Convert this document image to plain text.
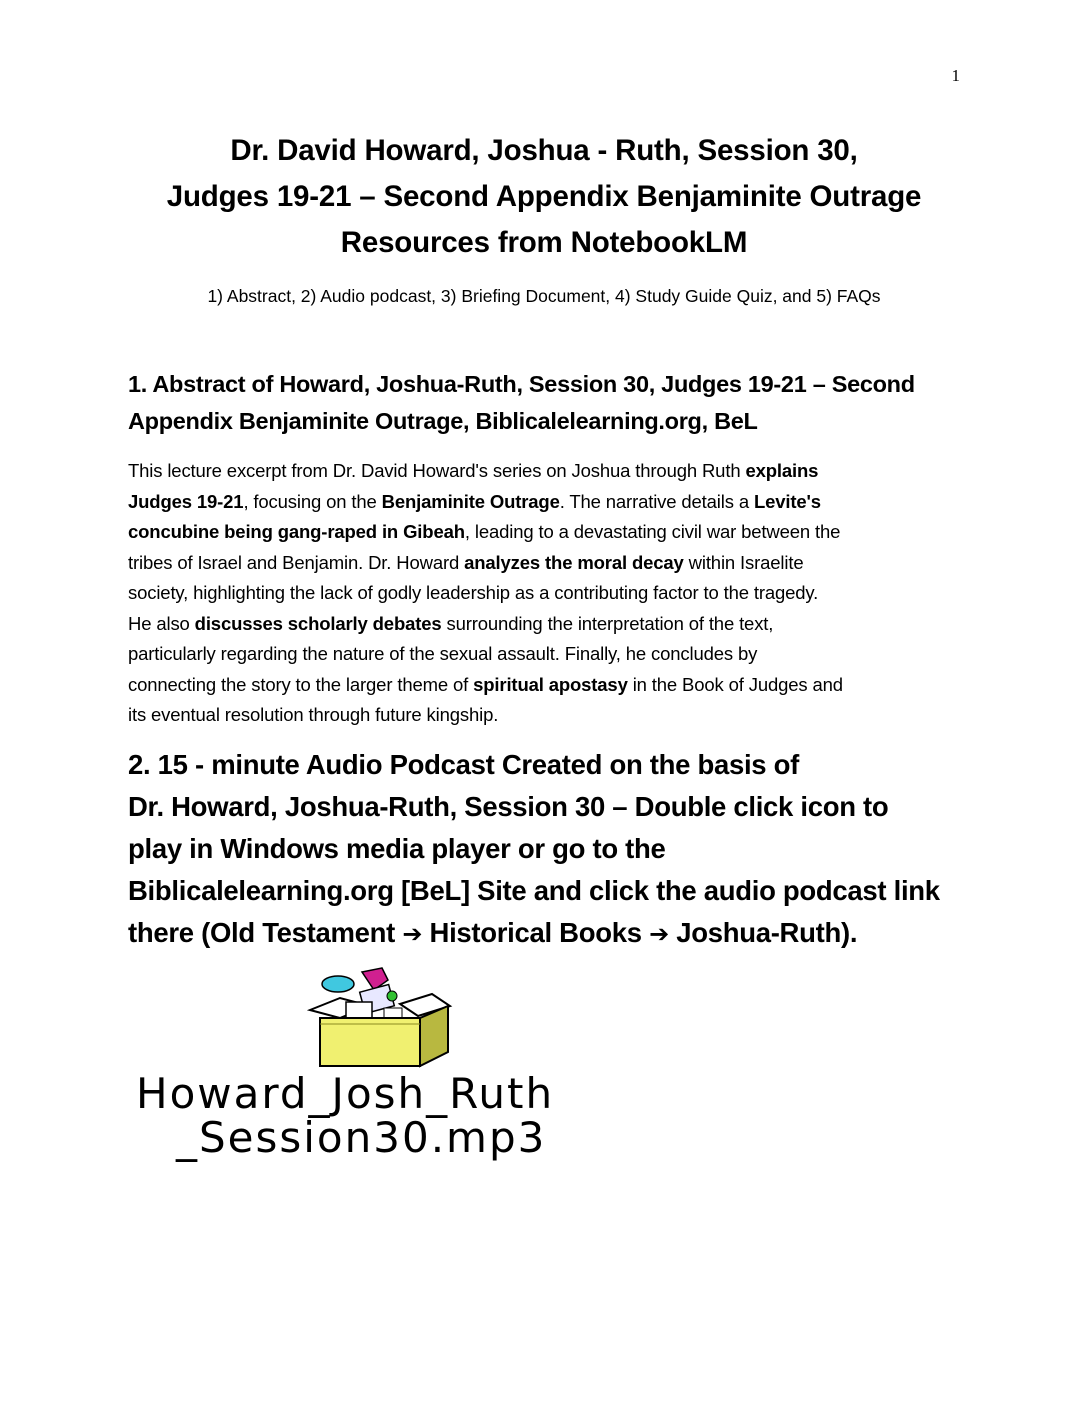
1
Dr. David Howard, Joshua - Ruth, Session 30,
Judges 19-21 – Second Appendix Benjaminite Outrage
Resources from NotebookLM
1) Abstract, 2) Audio podcast, 3) Briefing Document, 4) Study Guide Quiz, and 5) FAQs
1. Abstract of Howard, Joshua-Ruth, Session 30, Judges 19-21 – Second
Appendix Benjaminite Outrage, Biblicalelearning.org, BeL
This lecture excerpt from Dr. David Howard's series on Joshua through Ruth explains
Judges 19-21, focusing on the Benjaminite Outrage. The narrative details a Levite's
concubine being gang-raped in Gibeah, leading to a devastating civil war between the
tribes of Israel and Benjamin. Dr. Howard analyzes the moral decay within Israelite
society, highlighting the lack of godly leadership as a contributing factor to the tragedy.
He also discusses scholarly debates surrounding the interpretation of the text,
particularly regarding the nature of the sexual assault. Finally, he concludes by
connecting the story to the larger theme of spiritual apostasy in the Book of Judges and
its eventual resolution through future kingship.
2. 15 - minute Audio Podcast Created on the basis of
Dr. Howard, Joshua-Ruth, Session 30 – Double click icon to
play in Windows media player or go to the
Biblicalelearning.org [BeL] Site and click the audio podcast link
there (Old Testament ➔ Historical Books ➔ Joshua-Ruth).
Howard_Josh_Ruth
_Session30.mp3
